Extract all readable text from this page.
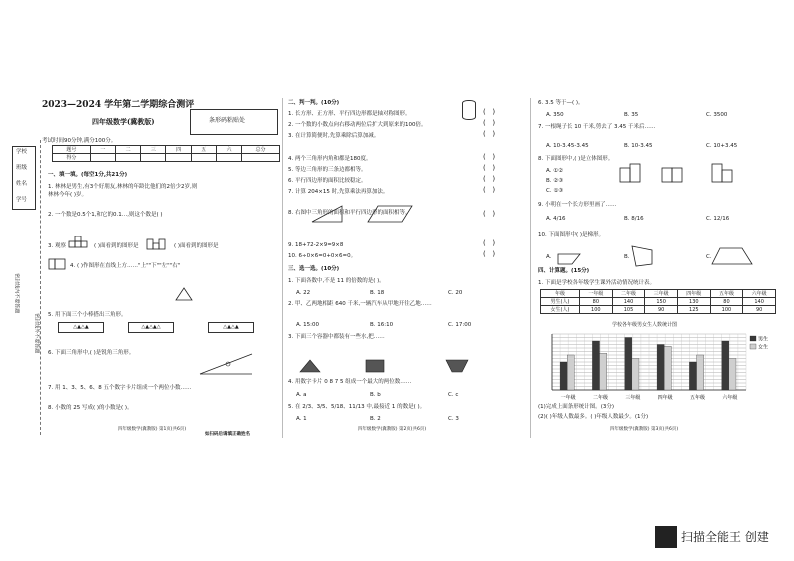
2023—2024 学年第二学期综合测评
四年级数学(冀教版)	条形码粘贴处
考试时间90分钟,满分100分。
题号	一	二	三	四	五	六	总分
得分							
学校
班级
姓名
学号
密封线内不要答题
密封线外不要答题
一、填一填。(每空1分,共21分)
1. 林林是男生,有3个好朋友,林林的年龄比他们的2倍少2岁,则
林林今年( )岁。
2. 一个数是0.5个1,和它的0.1…,则这个数是( )
3. 观察	( )面看到的图形是	( )面看到的图形是
4. ( )作图形在直线上方……"上""下""左""右"
5. 用下面三个小棒搭出三角形。
△▲△▲	△▲△▲△	△▲△▲
6. 下面三角形中,( )是锐角三角形。
7. 用 1、3、5、6、8 五个数字卡片组成一个两位小数……
8. 小数的 25 写成( )的小数是( )。
四年级数学(冀教版) 第1页(共6页)
如扫码后请填正确姓名
二、判一判。(10分)
1. 长方形、正方形、平行四边形都是轴对称图形。
2. 一个数的小数点向右移动两位后扩大到原来的100倍。
3. 在计算简便时,先算乘除后算加减。
4. 两个三角形内角和都是180度。
5. 等边三角形的三条边都相等。
6. 平行四边形的面积比较稳定。
7. 计算 204×15 时,先算乘法再算加法。
8. 右图中三角形的面积和平行四边形的面积相等。
9. 18+72-2×9=9×8
10. 6÷0×6=0+0×6=0。
(   )
(   )
(   )
(   )
(   )
(   )
(   )
(   )
(   )
(   )
三、选一选。(10分)
1. 下面各数中,不是 11 的倍数的是( )。
A. 22	B. 18	C. 20
2. 甲、乙两地相距 640 千米,一辆汽车从甲地开往乙地……
A. 15:00	B. 16:10	C. 17:00
3. 下面三个容器中都装有一些水,把……
4. 用数字卡片 0 8 7 5 组成一个最大的两位数……
A. a	B. b	C. c
5. 在 2/3、3/5、5/18、11/13 中,最接近 1 的数是( )。
A. 1	B. 2	C. 3
四年级数学(冀教版) 第2页(共6页)
6. 3.5 等于—( )。
A. 350	B. 35	C. 3500
7. 一根绳子长 10 千米,剪去了 3.45 千米后……
A. 10-3.45-3.45	B. 10-3.45	C. 10+3.45
8. 下面图形中,( )是立体图形。
A. ①②
B. ②③
C. ①③
9. 小明在一个长方形里画了……
A. 4/16	B. 8/16	C. 12/16
10. 下面图形中( )是梯形。
A.	B.	C.
四、计算题。(15分)
1. 下面是学校各年级学生课外活动情况统计表。
年级	一年级	二年级	三年级	四年级	五年级	六年级
男生(人)	80	140	150	130	80	140
女生(人)	100	105	90	125	100	90
学校各年级男女生人数统计图
一年级	二年级	三年级	四年级	五年级	六年级
男生
女生
(1)完成上面条形统计图。(3分)
(2)( )年级人数最多。( )年级人数最少。(1分)
四年级数学(冀教版) 第3页(共6页)
扫描全能王 创建
